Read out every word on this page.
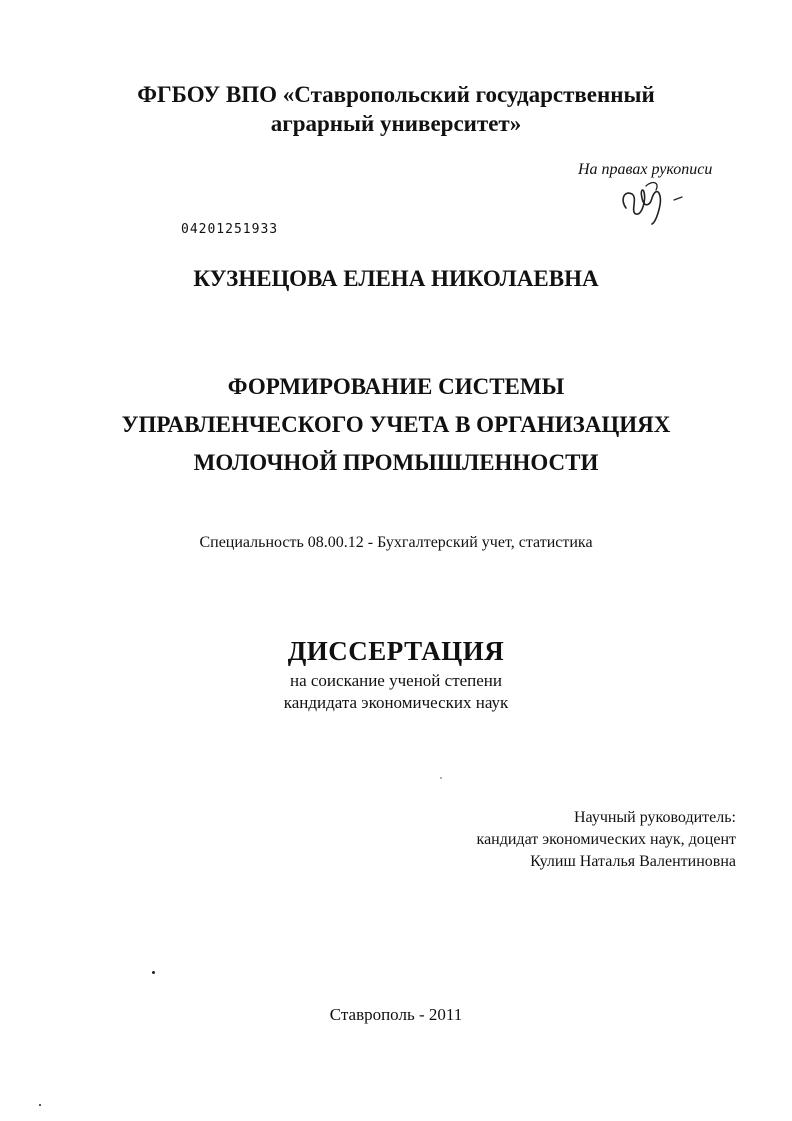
ФГБОУ ВПО «Ставропольский государственный
аграрный университет»
На правах рукописи
04201251933
КУЗНЕЦОВА ЕЛЕНА НИКОЛАЕВНА
ФОРМИРОВАНИЕ СИСТЕМЫ
УПРАВЛЕНЧЕСКОГО УЧЕТА В ОРГАНИЗАЦИЯХ
МОЛОЧНОЙ ПРОМЫШЛЕННОСТИ
Специальность 08.00.12 - Бухгалтерский учет, статистика
ДИССЕРТАЦИЯ
на соискание ученой степени
кандидата экономических наук
Научный руководитель:
кандидат экономических наук, доцент
Кулиш Наталья Валентиновна
Ставрополь - 2011
